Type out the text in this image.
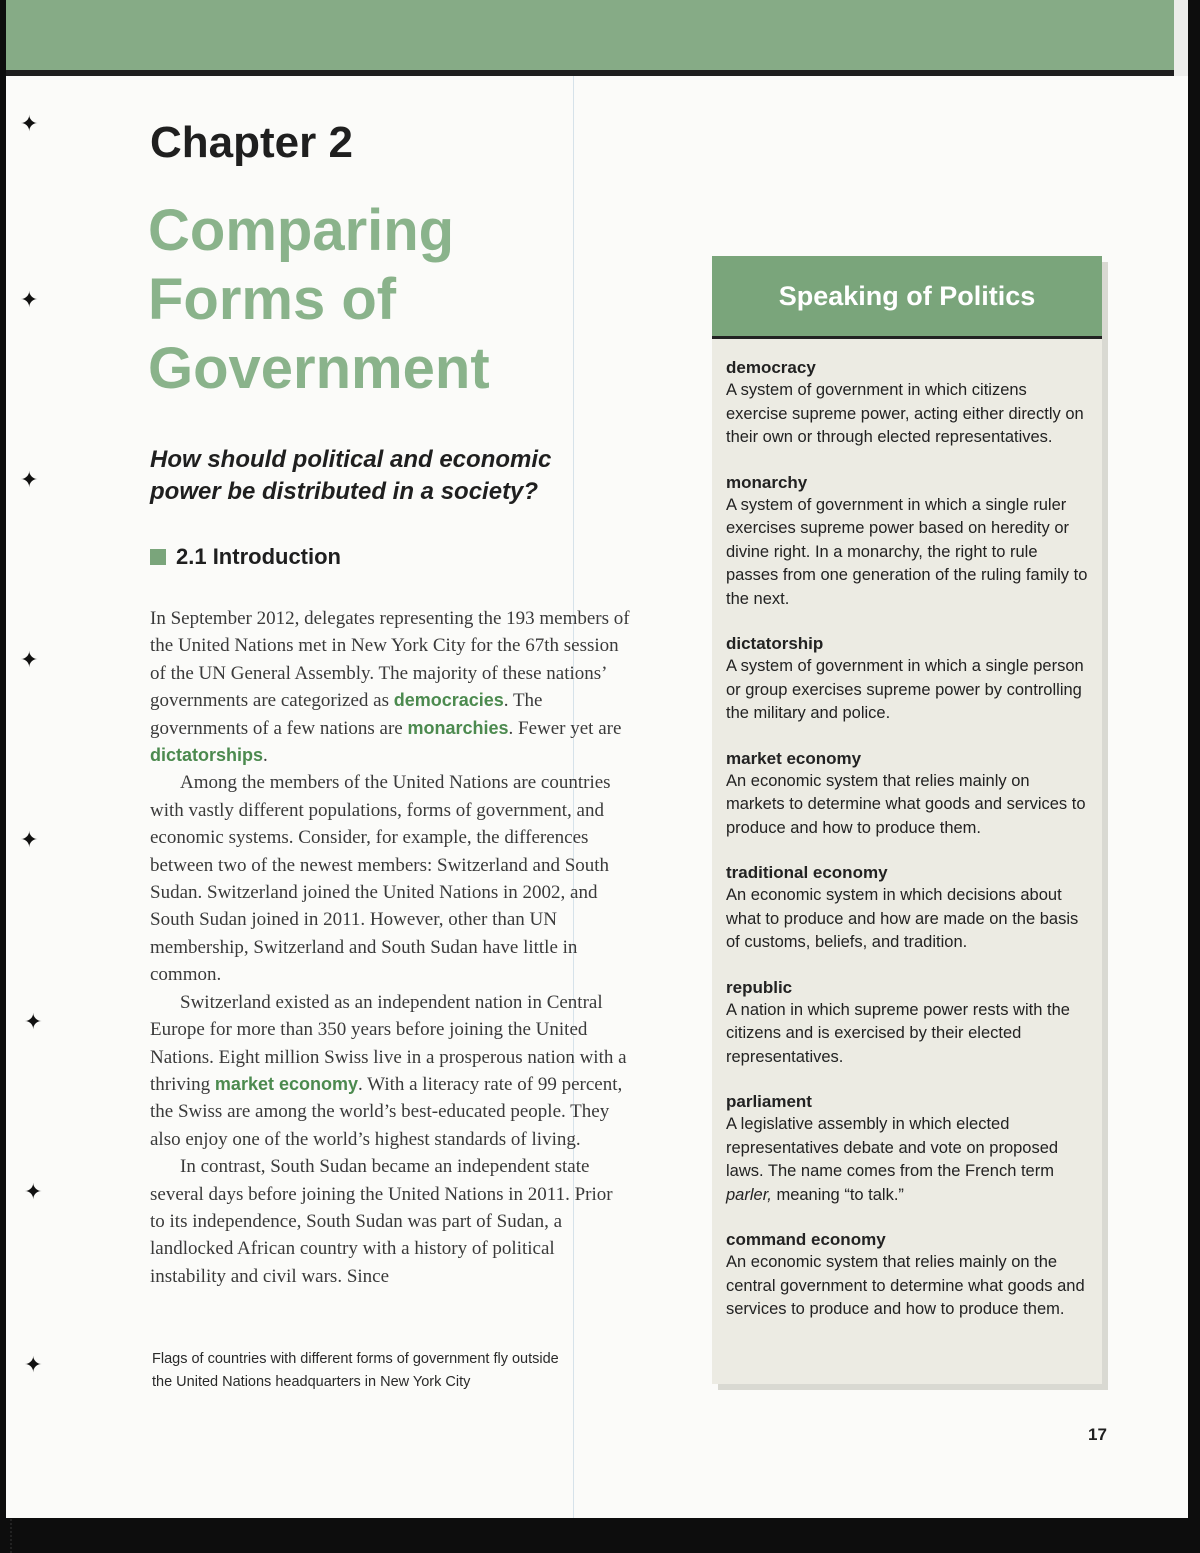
✦
✦
✦
✦
✦
✦
✦
✦
Chapter 2
Comparing
Forms of
Government

How should political and economic
power be distributed in a society?

2.1 Introduction

In September 2012, delegates representing the 193 members of the United Nations met in New York City for the 67th session of the UN General Assembly. The majority of these nations’ governments are categorized as democracies. The governments of a few nations are monarchies. Fewer yet are dictatorships.

Among the members of the United Nations are countries with vastly different populations, forms of government, and economic systems. Consider, for example, the differences between two of the newest members: Switzerland and South Sudan. Switzerland joined the United Nations in 2002, and South Sudan joined in 2011. However, other than UN membership, Switzerland and South Sudan have little in common.

Switzerland existed as an independent nation in Central Europe for more than 350 years before joining the United Nations. Eight million Swiss live in a prosperous nation with a thriving market economy. With a literacy rate of 99 percent, the Swiss are among the world’s best-educated people. They also enjoy one of the world’s highest standards of living.

In contrast, South Sudan became an independent state several days before joining the United Nations in 2011. Prior to its independence, South Sudan was part of Sudan, a landlocked African country with a history of political instability and civil wars. Since

Flags of countries with different forms of government fly outside
the United Nations headquarters in New York City

Speaking of Politics
democracy
A system of government in which citizens exercise supreme power, acting either directly on their own or through elected representatives.
monarchy
A system of government in which a single ruler exercises supreme power based on heredity or divine right. In a monarchy, the right to rule passes from one generation of the ruling family to the next.
dictatorship
A system of government in which a single person or group exercises supreme power by controlling the military and police.
market economy
An economic system that relies mainly on markets to determine what goods and services to produce and how to produce them.
traditional economy
An economic system in which decisions about what to produce and how are made on the basis of customs, beliefs, and tradition.
republic
A nation in which supreme power rests with the citizens and is exercised by their elected representatives.
parliament
A legislative assembly in which elected representatives debate and vote on proposed laws. The name comes from the French term parler, meaning “to talk.”
command economy
An economic system that relies mainly on the central government to determine what goods and services to produce and how to produce them.
17
